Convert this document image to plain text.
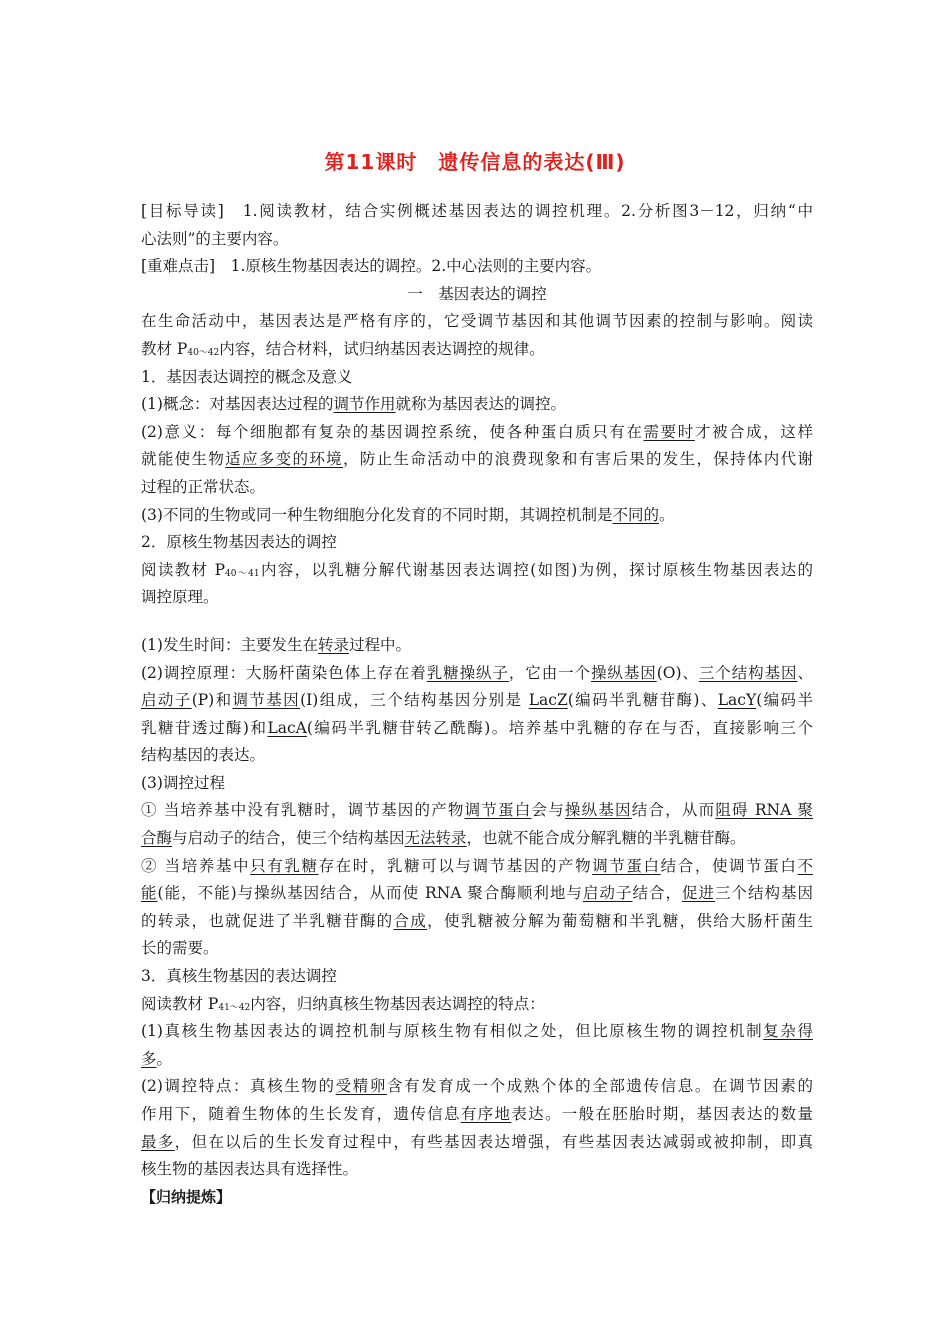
第11课时　遗传信息的表达(Ⅲ)
[目标导读]　1.阅读教材，结合实例概述基因表达的调控机理。2.分析图3－12，归纳“中
心法则”的主要内容。
[重难点击]　1.原核生物基因表达的调控。2.中心法则的主要内容。
一　基因表达的调控
在生命活动中，基因表达是严格有序的，它受调节基因和其他调节因素的控制与影响。阅读
教材 $P_{40\sim 42}$内容，结合材料，试归纳基因表达调控的规律。
1．基因表达调控的概念及意义
(1)概念：对基因表达过程的调节作用就称为基因表达的调控。
(2)意义：每个细胞都有复杂的基因调控系统，使各种蛋白质只有在需要时才被合成，这样
就能使生物适应多变的环境，防止生命活动中的浪费现象和有害后果的发生，保持体内代谢
过程的正常状态。
(3)不同的生物或同一种生物细胞分化发育的不同时期，其调控机制是不同的。
2．原核生物基因表达的调控
阅读教材 $P_{40\sim 41}$内容，以乳糖分解代谢基因表达调控(如图)为例，探讨原核生物基因表达的
调控原理。
(1)发生时间：主要发生在转录过程中。
(2)调控原理：大肠杆菌染色体上存在着乳糖操纵子，它由一个操纵基因(O)、三个结构基因、
启动子(P)和调节基因(I)组成，三个结构基因分别是 LacZ(编码半乳糖苷酶)、LacY(编码半
乳糖苷透过酶)和LacA(编码半乳糖苷转乙酰酶)。培养基中乳糖的存在与否，直接影响三个
结构基因的表达。
(3)调控过程
① 当培养基中没有乳糖时，调节基因的产物调节蛋白会与操纵基因结合，从而阻碍 RNA 聚
合酶与启动子的结合，使三个结构基因无法转录，也就不能合成分解乳糖的半乳糖苷酶。
② 当培养基中只有乳糖存在时，乳糖可以与调节基因的产物调节蛋白结合，使调节蛋白不
能(能，不能)与操纵基因结合，从而使 RNA 聚合酶顺利地与启动子结合，促进三个结构基因
的转录，也就促进了半乳糖苷酶的合成，使乳糖被分解为葡萄糖和半乳糖，供给大肠杆菌生
长的需要。
3．真核生物基因的表达调控
阅读教材 $P_{41\sim 42}$内容，归纳真核生物基因表达调控的特点：
(1)真核生物基因表达的调控机制与原核生物有相似之处，但比原核生物的调控机制复杂得
多。
(2)调控特点：真核生物的受精卵含有发育成一个成熟个体的全部遗传信息。在调节因素的
作用下，随着生物体的生长发育，遗传信息有序地表达。一般在胚胎时期，基因表达的数量
最多，但在以后的生长发育过程中，有些基因表达增强，有些基因表达减弱或被抑制，即真
核生物的基因表达具有选择性。
【归纳提炼】
